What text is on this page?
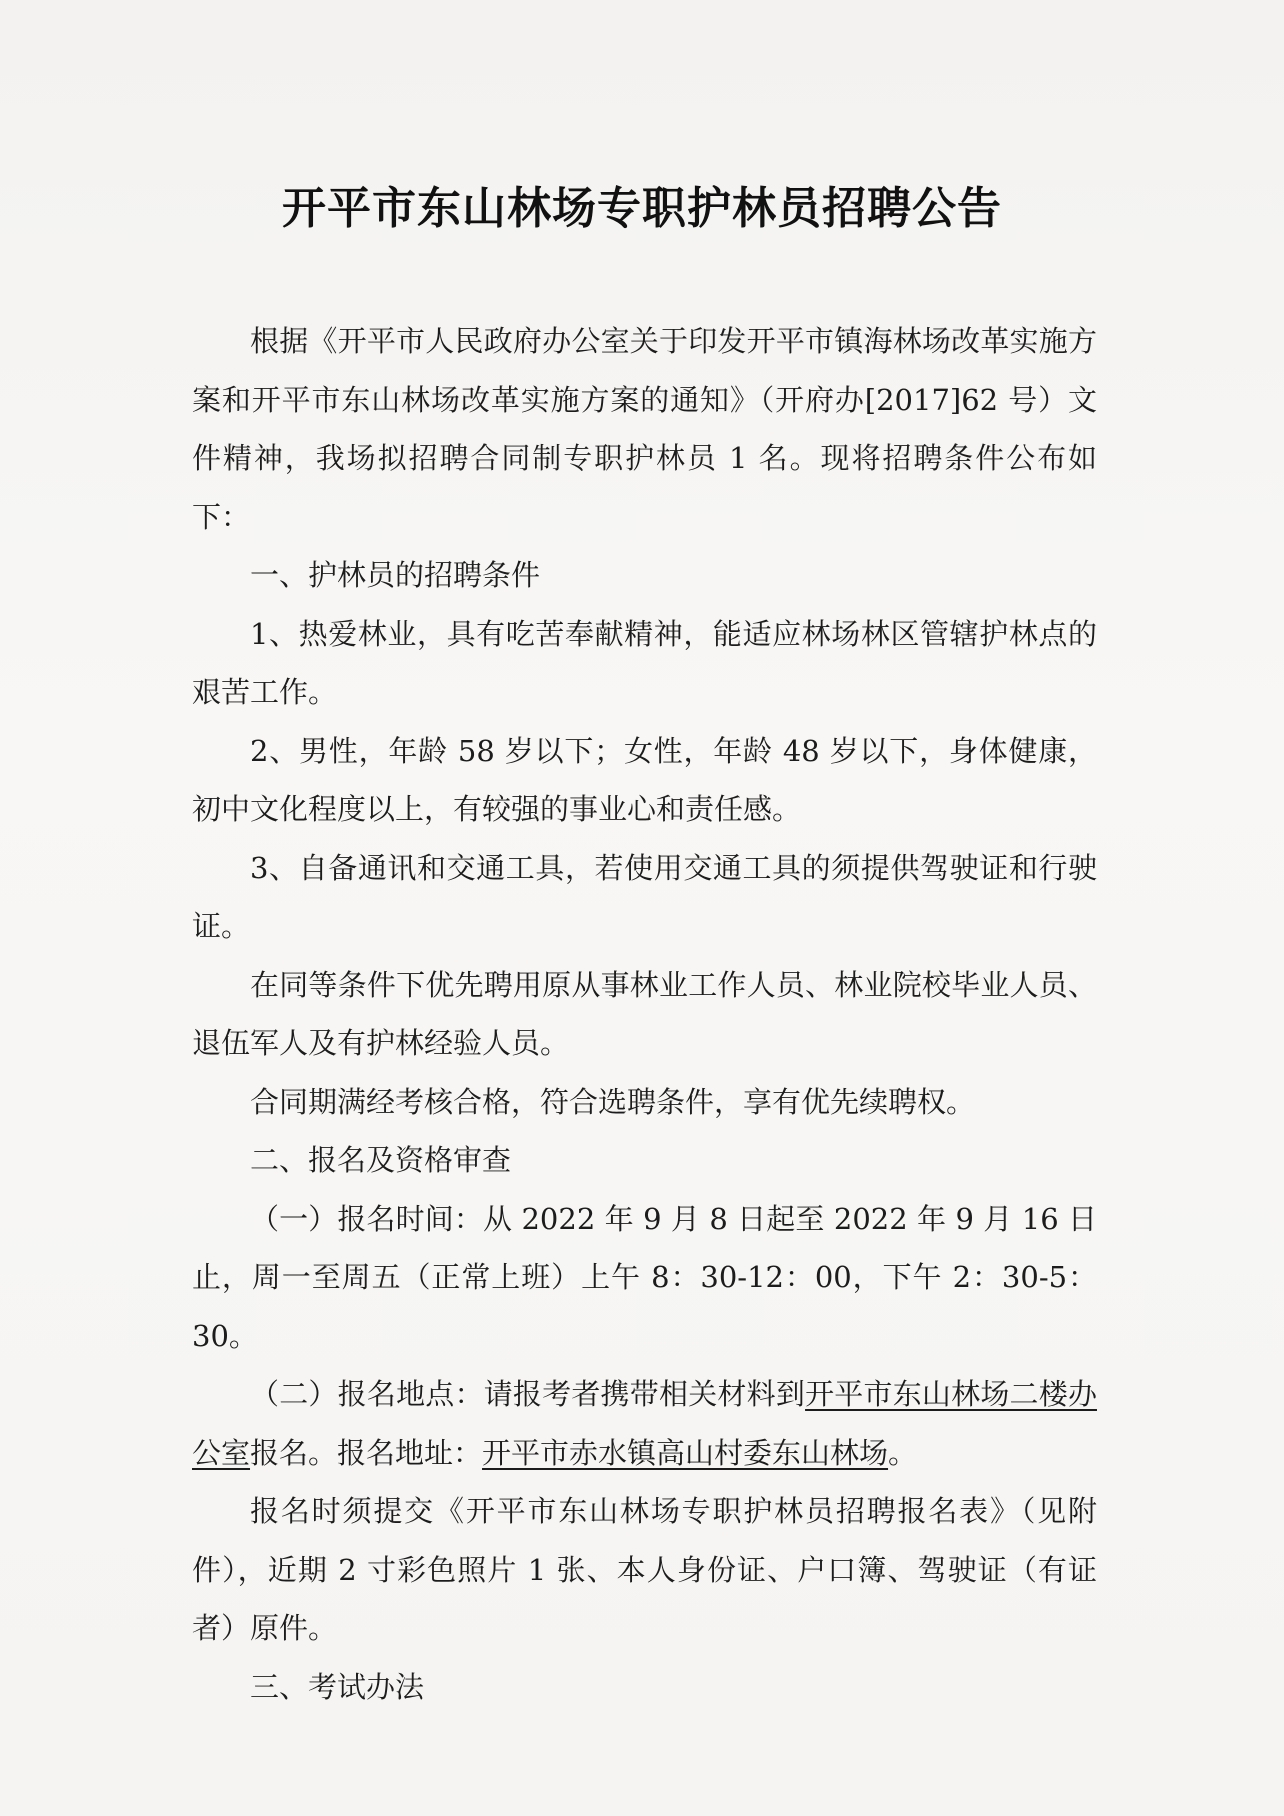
开平市东山林场专职护林员招聘公告

根据《开平市人民政府办公室关于印发开平市镇海林场改革实施方案和开平市东山林场改革实施方案的通知》（开府办[2017]62 号）文件精神，我场拟招聘合同制专职护林员 1 名。现将招聘条件公布如下：

一、护林员的招聘条件

1、热爱林业，具有吃苦奉献精神，能适应林场林区管辖护林点的艰苦工作。

2、男性，年龄 58 岁以下；女性，年龄 48 岁以下，身体健康，初中文化程度以上，有较强的事业心和责任感。

3、自备通讯和交通工具，若使用交通工具的须提供驾驶证和行驶证。

在同等条件下优先聘用原从事林业工作人员、林业院校毕业人员、退伍军人及有护林经验人员。

合同期满经考核合格，符合选聘条件，享有优先续聘权。

二、报名及资格审查

（一）报名时间：从 2022 年 9 月 8 日起至 2022 年 9 月 16 日止，周一至周五（正常上班）上午 8：30-12：00，下午 2：30-5：30。

（二）报名地点：请报考者携带相关材料到开平市东山林场二楼办公室报名。报名地址：开平市赤水镇高山村委东山林场。

报名时须提交《开平市东山林场专职护林员招聘报名表》（见附件），近期 2 寸彩色照片 1 张、本人身份证、户口簿、驾驶证（有证者）原件。

三、考试办法
